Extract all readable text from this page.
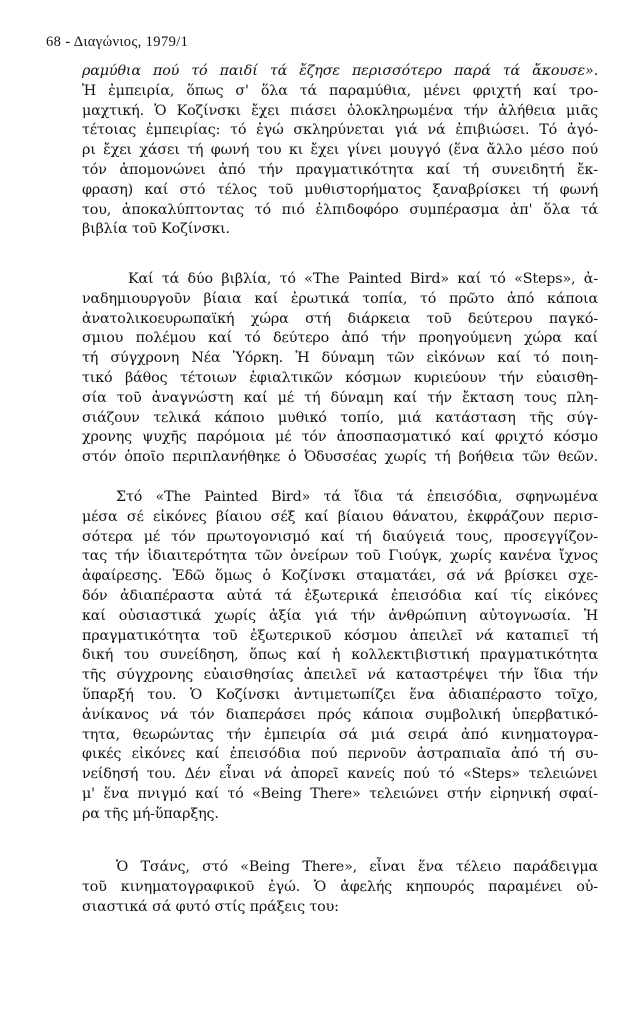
68 - Διαγώνιος, 1979/1
ραμύθια πού τό παιδί τά ἔζησε περισσότερο παρά τά ἄκουσε».
Ἡ ἐμπειρία, ὅπως σ' ὅλα τά παραμύθια, μένει φριχτή καί τρο-
μαχτική. Ὁ Κοζίνσκι ἔχει πιάσει ὁλοκληρωμένα τήν ἀλήθεια μιᾶς
τέτοιας ἐμπειρίας: τό ἐγώ σκληρύνεται γιά νά ἐπιβιώσει. Τό ἀγό-
ρι ἔχει χάσει τή φωνή του κι ἔχει γίνει μουγγό (ἕνα ἄλλο μέσο πού
τόν ἀπομονώνει ἀπό τήν πραγματικότητα καί τή συνειδητή ἔκ-
φραση) καί στό τέλος τοῦ μυθιστορήματος ξαναβρίσκει τή φωνή
του, ἀποκαλύπτοντας τό πιό ἐλπιδοφόρο συμπέρασμα ἀπ' ὅλα τά
βιβλία τοῦ Κοζίνσκι.
Καί τά δύο βιβλία, τό «The Painted Bird» καί τό «Steps», ἀ-
ναδημιουργοῦν βίαια καί ἐρωτικά τοπία, τό πρῶτο ἀπό κάποια
ἀνατολικοευρωπαϊκή χώρα στή διάρκεια τοῦ δεύτερου παγκό-
σμιου πολέμου καί τό δεύτερο ἀπό τήν προηγούμενη χώρα καί
τή σύγχρονη Νέα Ὑόρκη. Ἡ δύναμη τῶν εἰκόνων καί τό ποιη-
τικό βάθος τέτοιων ἐφιαλτικῶν κόσμων κυριεύουν τήν εὐαισθη-
σία τοῦ ἀναγνώστη καί μέ τή δύναμη καί τήν ἔκταση τους πλη-
σιάζουν τελικά κάποιο μυθικό τοπίο, μιά κατάσταση τῆς σύγ-
χρονης ψυχῆς παρόμοια μέ τόν ἀποσπασματικό καί φριχτό κόσμο
στόν ὁποῖο περιπλανήθηκε ὁ Ὀδυσσέας χωρίς τή βοήθεια τῶν θεῶν.
Στό «The Painted Bird» τά ἴδια τά ἐπεισόδια, σφηνωμένα
μέσα σέ εἰκόνες βίαιου σέξ καί βίαιου θάνατου, ἐκφράζουν περισ-
σότερα μέ τόν πρωτογονισμό καί τή διαύγειά τους, προσεγγίζον-
τας τήν ἰδιαιτερότητα τῶν ὀνείρων τοῦ Γιούγκ, χωρίς κανένα ἴχνος
ἀφαίρεσης. Ἐδῶ ὅμως ὁ Κοζίνσκι σταματάει, σά νά βρίσκει σχε-
δόν ἀδιαπέραστα αὐτά τά ἐξωτερικά ἐπεισόδια καί τίς εἰκόνες
καί οὐσιαστικά χωρίς ἀξία γιά τήν ἀνθρώπινη αὐτογνωσία. Ἡ
πραγματικότητα τοῦ ἐξωτερικοῦ κόσμου ἀπειλεῖ νά καταπιεῖ τή
δική του συνείδηση, ὅπως καί ἡ κολλεκτιβιστική πραγματικότητα
τῆς σύγχρονης εὐαισθησίας ἀπειλεῖ νά καταστρέψει τήν ἴδια τήν
ὕπαρξή του. Ὁ Κοζίνσκι ἀντιμετωπίζει ἕνα ἀδιαπέραστο τοῖχο,
ἀνίκανος νά τόν διαπεράσει πρός κάποια συμβολική ὑπερβατικό-
τητα, θεωρώντας τήν ἐμπειρία σά μιά σειρά ἀπό κινηματογρα-
φικές εἰκόνες καί ἐπεισόδια πού περνοῦν ἀστραπιαῖα ἀπό τή συ-
νείδησή του. Δέν εἶναι νά ἀπορεῖ κανείς πού τό «Steps» τελειώνει
μ' ἕνα πνιγμό καί τό «Being There» τελειώνει στήν εἰρηνική σφαί-
ρα τῆς μή-ὕπαρξης.
Ὁ Τσάνς, στό «Being There», εἶναι ἕνα τέλειο παράδειγμα
τοῦ κινηματογραφικοῦ ἐγώ. Ὁ ἀφελής κηπουρός παραμένει οὐ-
σιαστικά σά φυτό στίς πράξεις του:
